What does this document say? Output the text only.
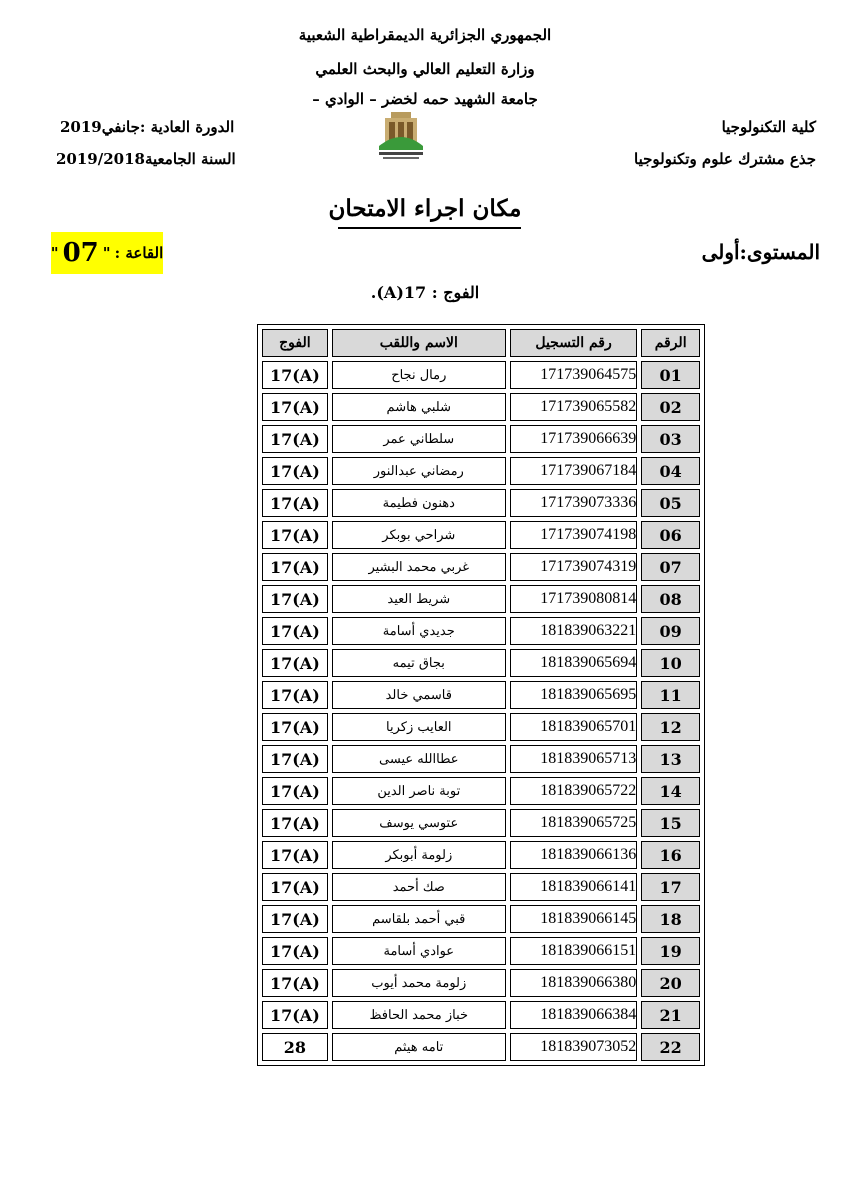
الجمهوري الجزائرية الديمقراطية الشعبية
وزارة التعليم العالي والبحث العلمي
جامعة الشهيد حمه لخضر – الوادي –
كلية التكنولوجيا
جذع مشترك علوم وتكنولوجيا
الدورة العادية :جانفي2019
السنة الجامعية2019/2018
مكان اجراء الامتحان
" 07 " القاعة :	المستوى:أولى
الفوج : 17(A).
الفوج	الاسم واللقب	رقم التسجيل	الرقم
17(A)	رمال نجاح	171739064575	01
17(A)	شلبي هاشم	171739065582	02
17(A)	سلطاني عمر	171739066639	03
17(A)	رمضاني عبدالنور	171739067184	04
17(A)	دهنون فطيمة	171739073336	05
17(A)	شراحي بوبكر	171739074198	06
17(A)	غربي محمد البشير	171739074319	07
17(A)	شريط العيد	171739080814	08
17(A)	جديدي أسامة	181839063221	09
17(A)	بجاق تيمه	181839065694	10
17(A)	قاسمي خالد	181839065695	11
17(A)	العايب زكريا	181839065701	12
17(A)	عطاالله عيسى	181839065713	13
17(A)	توبة ناصر الدين	181839065722	14
17(A)	عتوسي يوسف	181839065725	15
17(A)	زلومة أبوبكر	181839066136	16
17(A)	صك أحمد	181839066141	17
17(A)	قبي أحمد بلقاسم	181839066145	18
17(A)	عوادي أسامة	181839066151	19
17(A)	زلومة محمد أيوب	181839066380	20
17(A)	خباز محمد الحافظ	181839066384	21
28	تامه هيثم	181839073052	22
